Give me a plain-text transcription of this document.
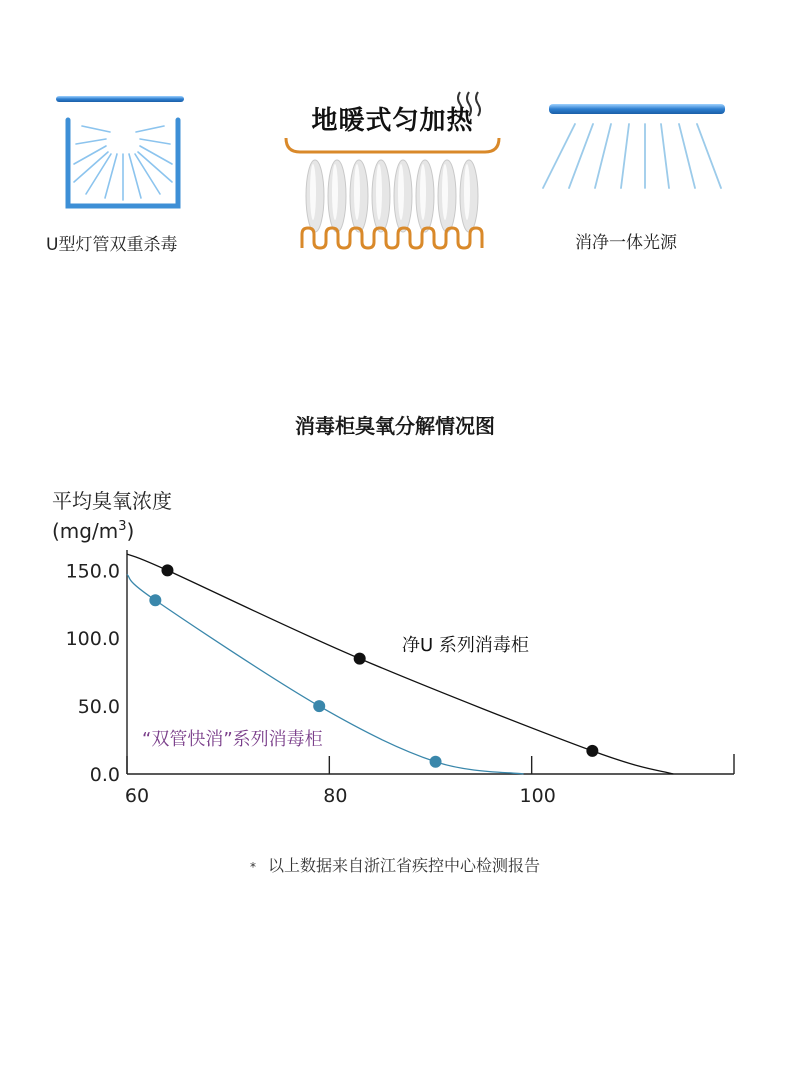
U型灯管双重杀毒
地暖式匀加热
消净一体光源
消毒柜臭氧分解情况图
平均臭氧浓度
$(mg/m^3)$
0.0
50.0
100.0
150.0
60	80	100
净U 系列消毒柜
“双管快消”系列消毒柜
* 以上数据来自浙江省疾控中心检测报告
